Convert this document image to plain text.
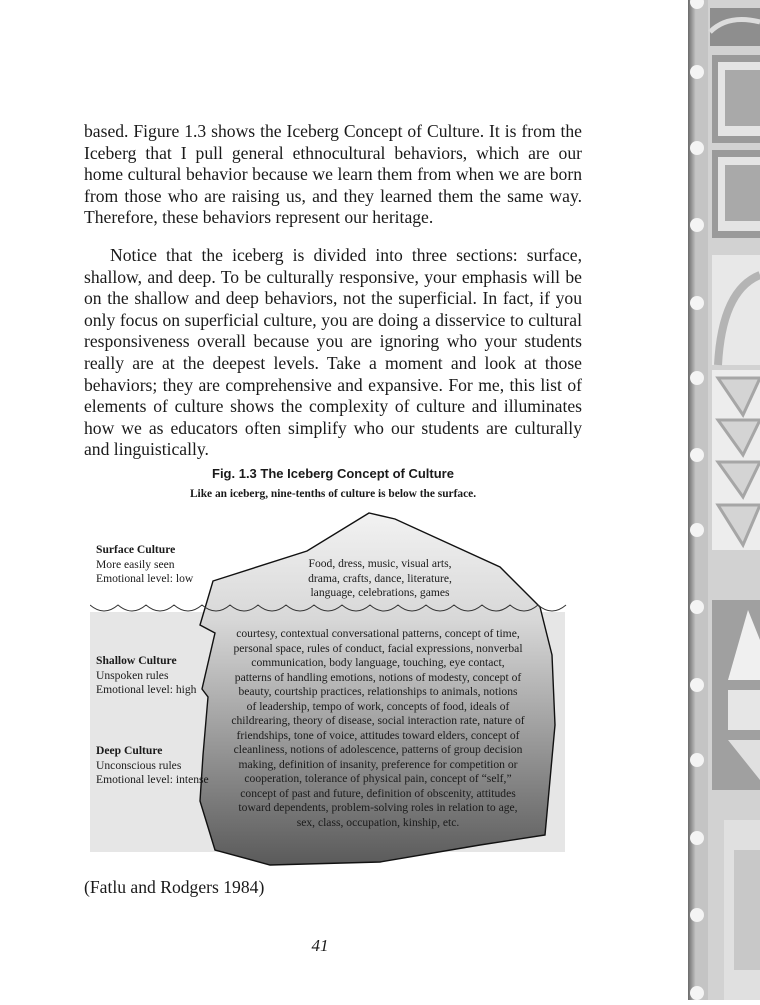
based. Figure 1.3 shows the Iceberg Concept of Culture. It is from the Iceberg that I pull general ethnocultural behaviors, which are our home cultural behavior because we learn them from when we are born from those who are raising us, and they learned them the same way. Therefore, these behaviors represent our heritage.

Notice that the iceberg is divided into three sections: surface, shallow, and deep. To be culturally responsive, your emphasis will be on the shallow and deep behaviors, not the superficial. In fact, if you only focus on superficial culture, you are doing a disservice to cultural responsiveness overall because you are ignoring who your students really are at the deepest levels. Take a moment and look at those behaviors; they are comprehensive and expansive. For me, this list of elements of culture shows the complexity of culture and illuminates how we as educators often simplify who our students are culturally and linguistically.

Fig. 1.3 The Iceberg Concept of Culture
Like an iceberg, nine-tenths of culture is below the surface.
Surface Culture
More easily seen
Emotional level: low
Shallow Culture
Unspoken rules
Emotional level: high
Deep Culture
Unconscious rules
Emotional level: intense
Food, dress, music, visual arts,
drama, crafts, dance, literature,
language, celebrations, games
courtesy, contextual conversational patterns, concept of time,
personal space, rules of conduct, facial expressions, nonverbal
communication, body language, touching, eye contact,
patterns of handling emotions, notions of modesty, concept of
beauty, courtship practices, relationships to animals, notions
of leadership, tempo of work, concepts of food, ideals of
childrearing, theory of disease, social interaction rate, nature of
friendships, tone of voice, attitudes toward elders, concept of
cleanliness, notions of adolescence, patterns of group decision
making, definition of insanity, preference for competition or
cooperation, tolerance of physical pain, concept of “self,”
concept of past and future, definition of obscenity, attitudes
toward dependents, problem-solving roles in relation to age,
sex, class, occupation, kinship, etc.
(Fatlu and Rodgers 1984)
41
